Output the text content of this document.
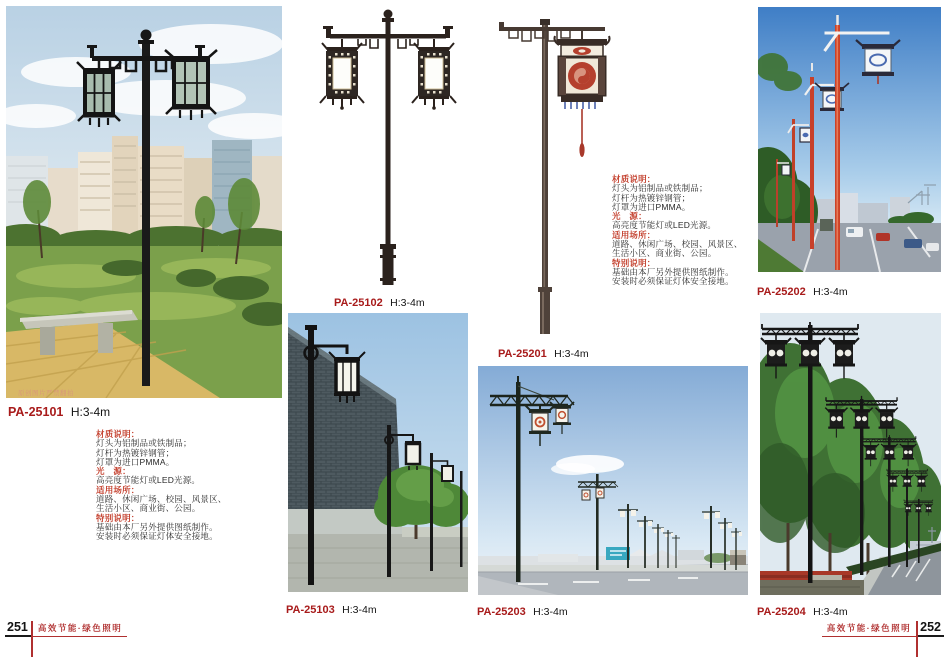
原创图片严禁翻拍
PA-25101 H:3-4m
材质说明：
灯头为铝制品或铁制品；
灯杆为热镀锌钢管；
灯罩为进口PMMA。
光　源：
高亮度节能灯或LED光源。
适用场所：
道路、休闲广场、校园、风景区、
生活小区、商业街、公园。
特别说明：
基础由本厂另外提供图纸制作。
安装时必须保证灯体安全接地。
PA-25102 H:3-4m
PA-25103 H:3-4m
PA-25201 H:3-4m
材质说明：
灯头为铝制品或铁制品；
灯杆为热镀锌钢管；
灯罩为进口PMMA。
光　源：
高亮度节能灯或LED光源。
适用场所：
道路、休闲广场、校园、风景区、
生活小区、商业街、公园。
特别说明：
基础由本厂另外提供图纸制作。
安装时必须保证灯体安全接地。
PA-25202 H:3-4m
PA-25203 H:3-4m	PA-25204 H:3-4m
251	高效节能·绿色照明	高效节能·绿色照明 252
